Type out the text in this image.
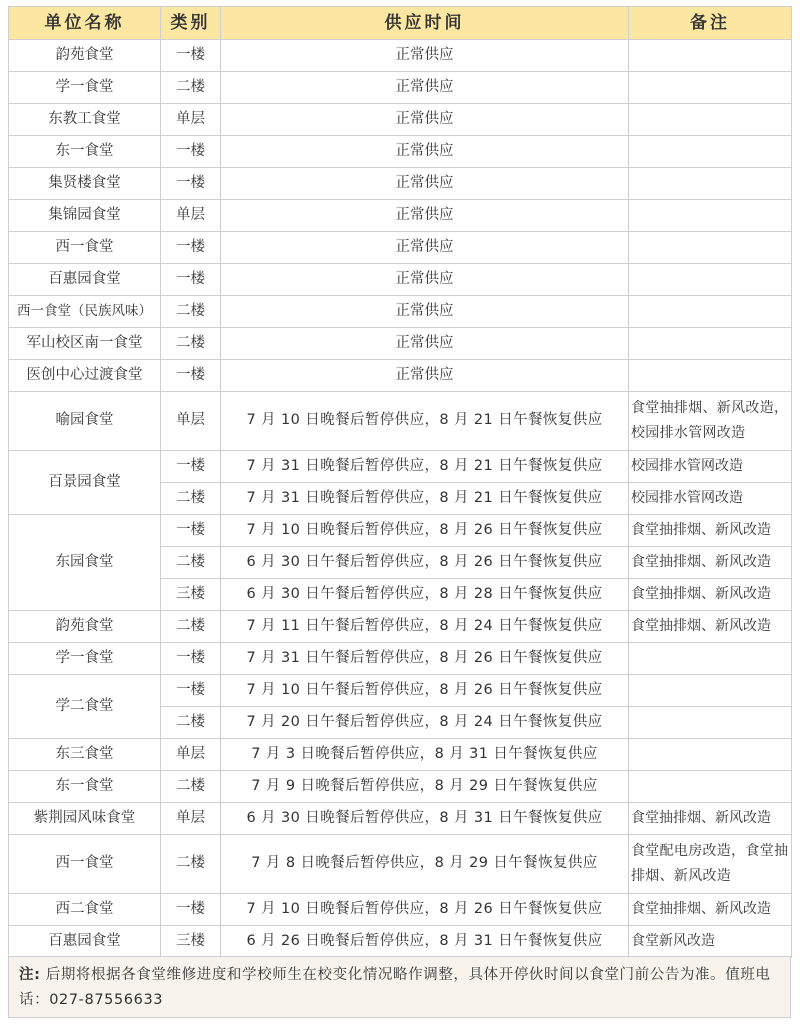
单位名称	类别	供应时间	备注
韵苑食堂	一楼	正常供应	
学一食堂	二楼	正常供应	
东教工食堂	单层	正常供应	
东一食堂	一楼	正常供应	
集贤楼食堂	一楼	正常供应	
集锦园食堂	单层	正常供应	
西一食堂	一楼	正常供应	
百惠园食堂	一楼	正常供应	
西一食堂（民族风味）	二楼	正常供应	
军山校区南一食堂	二楼	正常供应	
医创中心过渡食堂	一楼	正常供应	
喻园食堂	单层	7 月 10 日晚餐后暂停供应，8 月 21 日午餐恢复供应	食堂抽排烟、新风改造，校园排水管网改造
百景园食堂	一楼	7 月 31 日晚餐后暂停供应，8 月 21 日午餐恢复供应	校园排水管网改造
	二楼	7 月 31 日晚餐后暂停供应，8 月 21 日午餐恢复供应	校园排水管网改造
东园食堂	一楼	7 月 10 日晚餐后暂停供应，8 月 26 日午餐恢复供应	食堂抽排烟、新风改造
	二楼	6 月 30 日午餐后暂停供应，8 月 26 日午餐恢复供应	食堂抽排烟、新风改造
	三楼	6 月 30 日午餐后暂停供应，8 月 28 日午餐恢复供应	食堂抽排烟、新风改造
韵苑食堂	二楼	7 月 11 日午餐后暂停供应，8 月 24 日午餐恢复供应	食堂抽排烟、新风改造
学一食堂	一楼	7 月 31 日午餐后暂停供应，8 月 26 日午餐恢复供应	
学二食堂	一楼	7 月 10 日午餐后暂停供应，8 月 26 日午餐恢复供应	
	二楼	7 月 20 日午餐后暂停供应，8 月 24 日午餐恢复供应	
东三食堂	单层	7 月 3 日晚餐后暂停供应，8 月 31 日午餐恢复供应	
东一食堂	二楼	7 月 9 日晚餐后暂停供应，8 月 29 日午餐恢复供应	
紫荆园风味食堂	单层	6 月 30 日晚餐后暂停供应，8 月 31 日午餐恢复供应	食堂抽排烟、新风改造
西一食堂	二楼	7 月 8 日晚餐后暂停供应，8 月 29 日午餐恢复供应	食堂配电房改造，食堂抽排烟、新风改造
西二食堂	一楼	7 月 10 日晚餐后暂停供应，8 月 26 日午餐恢复供应	食堂抽排烟、新风改造
百惠园食堂	三楼	6 月 26 日晚餐后暂停供应，8 月 31 日午餐恢复供应	食堂新风改造
注: 后期将根据各食堂维修进度和学校师生在校变化情况略作调整，具体开停伙时间以食堂门前公告为准。值班电话：027-87556633
